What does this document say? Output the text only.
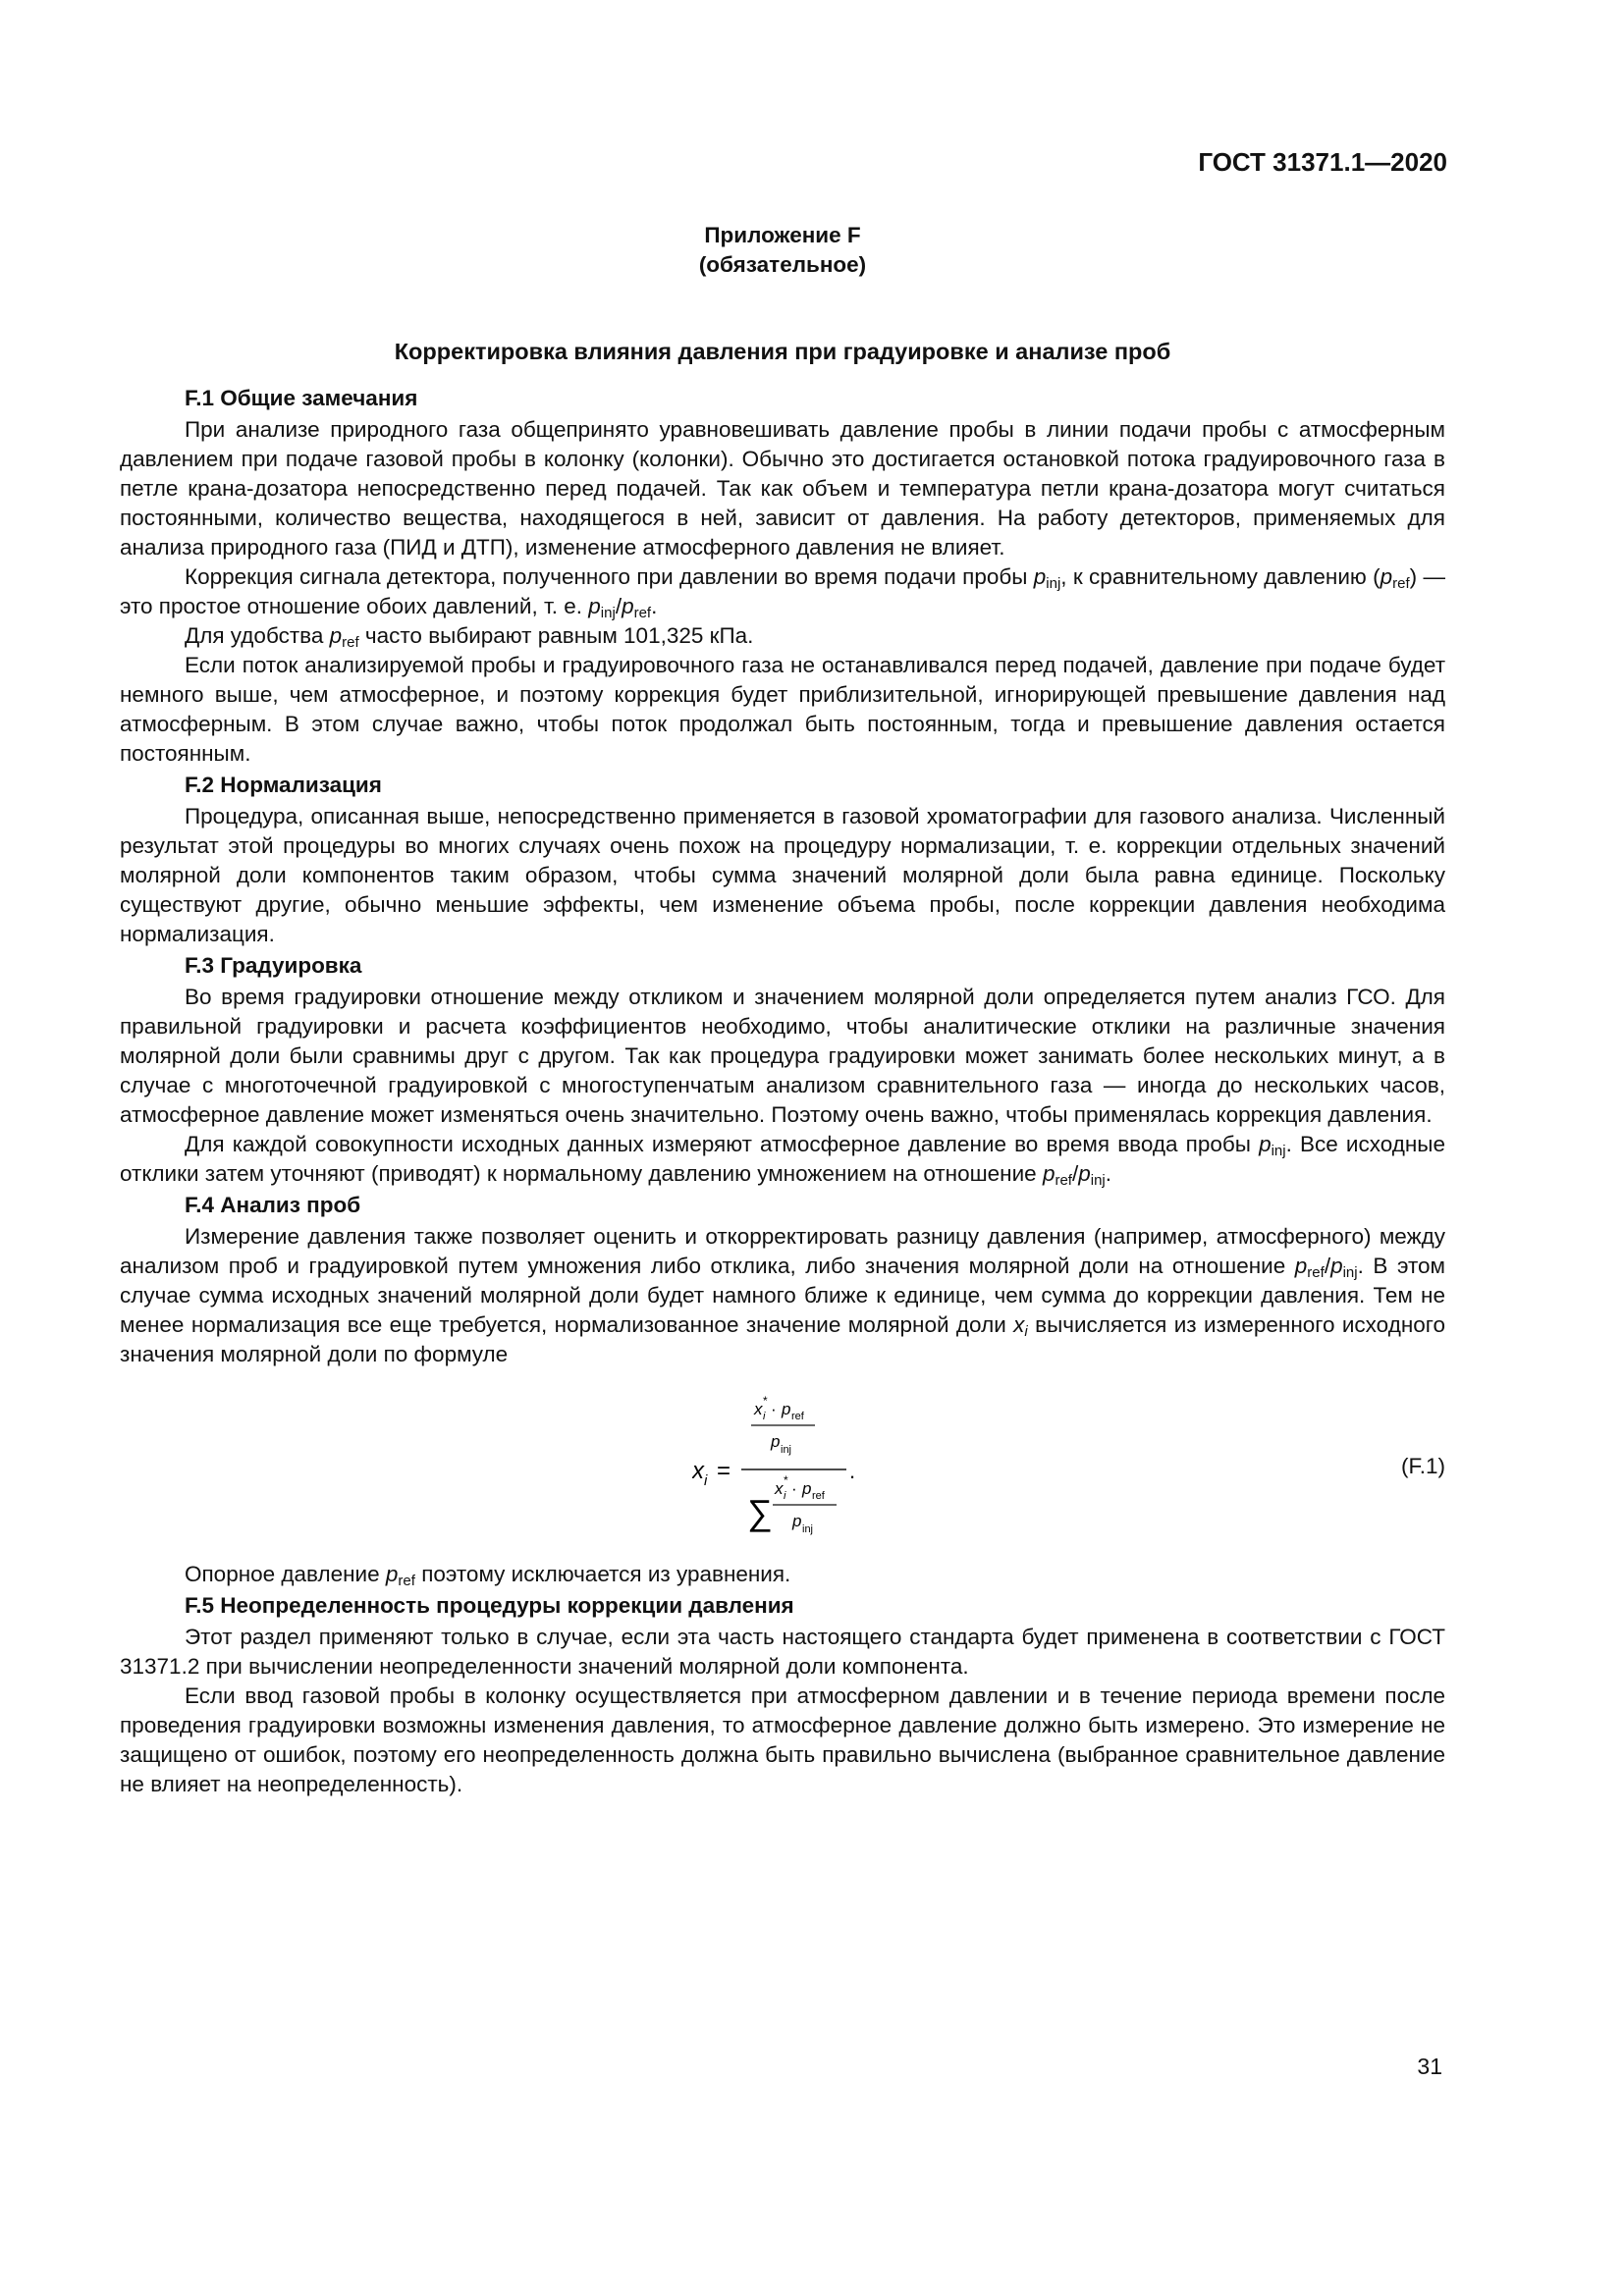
ГОСТ 31371.1—2020
Приложение F
(обязательное)
Корректировка влияния давления при градуировке и анализе проб
F.1 Общие замечания

При анализе природного газа общепринято уравновешивать давление пробы в линии подачи пробы с атмосферным давлением при подаче газовой пробы в колонку (колонки). Обычно это достигается остановкой потока градуировочного газа в петле крана-дозатора непосредственно перед подачей. Так как объем и температура петли крана-дозатора могут считаться постоянными, количество вещества, находящегося в ней, зависит от давления. На работу детекторов, применяемых для анализа природного газа (ПИД и ДТП), изменение атмосферного давления не влияет.

Коррекция сигнала детектора, полученного при давлении во время подачи пробы $p_{inj}$, к сравнительному давлению $(p_{ref})$ — это простое отношение обоих давлений, т. е. $p_{inj}/p_{ref}$.

Для удобства $p_{ref}$ часто выбирают равным 101,325 кПа.

Если поток анализируемой пробы и градуировочного газа не останавливался перед подачей, давление при подаче будет немного выше, чем атмосферное, и поэтому коррекция будет приблизительной, игнорирующей превышение давления над атмосферным. В этом случае важно, чтобы поток продолжал быть постоянным, тогда и превышение давления остается постоянным.

F.2 Нормализация

Процедура, описанная выше, непосредственно применяется в газовой хроматографии для газового анализа. Численный результат этой процедуры во многих случаях очень похож на процедуру нормализации, т. е. коррекции отдельных значений молярной доли компонентов таким образом, чтобы сумма значений молярной доли была равна единице. Поскольку существуют другие, обычно меньшие эффекты, чем изменение объема пробы, после коррекции давления необходима нормализация.

F.3 Градуировка

Во время градуировки отношение между откликом и значением молярной доли определяется путем анализ ГСО. Для правильной градуировки и расчета коэффициентов необходимо, чтобы аналитические отклики на различные значения молярной доли были сравнимы друг с другом. Так как процедура градуировки может занимать более нескольких минут, а в случае с многоточечной градуировкой с многоступенчатым анализом сравнительного газа — иногда до нескольких часов, атмосферное давление может изменяться очень значительно. Поэтому очень важно, чтобы применялась коррекция давления.

Для каждой совокупности исходных данных измеряют атмосферное давление во время ввода пробы $p_{inj}$. Все исходные отклики затем уточняют (приводят) к нормальному давлению умножением на отношение $p_{ref}/p_{inj}$.

F.4 Анализ проб

Измерение давления также позволяет оценить и откорректировать разницу давления (например, атмосферного) между анализом проб и градуировкой путем умножения либо отклика, либо значения молярной доли на отношение $p_{ref}/p_{inj}$. В этом случае сумма исходных значений молярной доли будет намного ближе к единице, чем сумма до коррекции давления. Тем не менее нормализация все еще требуется, нормализованное значение молярной доли $x_i$ вычисляется из измеренного исходного значения молярной доли по формуле

x i =	.
x *
i · p ref
p inj
∑
x *
i · p ref
p inj
(F.1)

Опорное давление $p_{ref}$ поэтому исключается из уравнения.

F.5 Неопределенность процедуры коррекции давления

Этот раздел применяют только в случае, если эта часть настоящего стандарта будет применена в соответствии с ГОСТ 31371.2 при вычислении неопределенности значений молярной доли компонента.

Если ввод газовой пробы в колонку осуществляется при атмосферном давлении и в течение периода времени после проведения градуировки возможны изменения давления, то атмосферное давление должно быть измерено. Это измерение не защищено от ошибок, поэтому его неопределенность должна быть правильно вычислена (выбранное сравнительное давление не влияет на неопределенность).

31
